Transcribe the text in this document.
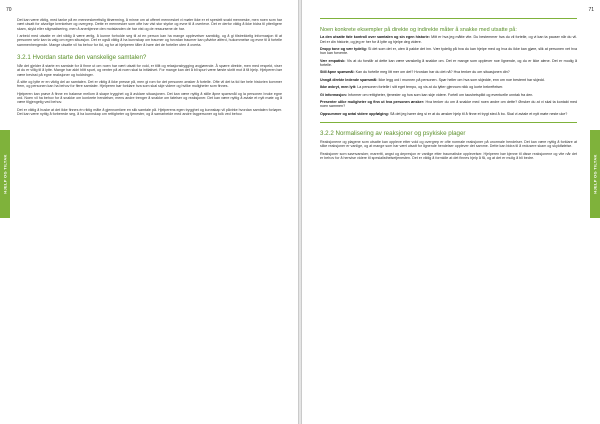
70
HJELP OG TILTAK

Det kan være viktig, med tanke på en menneskerettslig tilnærming, å minne om at offeret mennesket vi møter ikke er et spesielt svakt menneske, men noen som har vært utsatt for alvorlige krenkelser og overgrep. Dette er mennesker som ofte har vist stor styrke og evne til å overleve. Det er derfor viktig å ikke bidra til ytterligere skam, skyld eller stigmatisering, men å anerkjenne den motstanden de har vist og de ressursene de har.

I arbeid med utsatte er det viktig å være ærlig, å kunne forholde seg til at en person kan ha mange opplevelser samtidig, og å gi tilstrekkelig informasjon til at personen selv kan ta valg om egen situasjon. Det er også viktig å ha kunnskap om traumer og hvordan traumer kan påvirke atferd, hukommelse og evne til å fortelle sammenhengende. Mange utsatte vil ha behov for tid, og for at hjelperen tåler å høre det de forteller uten å overta.

3.2.1 Hvordan starte den vanskelige samtalen?

Når det gjelder å starte en samtale for å finne ut om noen har vært utsatt for vold, er tillit og relasjonsbygging avgjørende. Å spørre direkte, men med respekt, viser at du er villig til å lytte. Mange har aldri blitt spurt, og venter på at noen skal ta initiativet. For mange kan det å bli spurt være første skritt mot å få hjelp. Hjelperen bør være bevisst på egne reaksjoner og holdninger.

Å sitte og lytte er en viktig del av samtalen. Det er viktig å ikke presse på, men gi rom for det personen ønsker å fortelle. Ofte vil det ta tid før hele historien kommer frem, og personen kan ha behov for flere samtaler. Hjelperen bør forklare hva som skal skje videre og hvilke muligheter som finnes.

Hjelperen kan prøve å finne en balanse mellom å skape trygghet og å avklare situasjonen. Det kan være nyttig å stille åpne spørsmål og la personen bruke egne ord. Noen vil ha behov for å snakke om konkrete hendelser, mens andre trenger å snakke om følelser og reaksjoner. Det kan være nyttig å avtale et nytt møte og å være tilgjengelig ved behov.

Det er viktig å huske at det ikke finnes én riktig måte å gjennomføre en slik samtale på. Hjelperens egen trygghet og kunnskap vil påvirke hvordan samtalen forløper. Det kan være nyttig å forberede seg, å ha kunnskap om rettigheter og tjenester, og å samarbeide med andre fagpersoner og tolk ved behov.

71
HJELP OG TILTAK
Noen konkrete eksempler på direkte og indirekte måter å snakke med utsatte på:

La den utsatte føle kontroll over samtalen og sin egen historie: Mitt er hva jeg måtte vite. Du bestemmer hva du vil fortelle, og vi kan ta pauser når du vil. Det er din historie, og jeg er her for å lytte og hjelpe deg videre.

Dropp tone og vær tydelig: Si det som det er, uten å pakke det inn. Vær tydelig på hva du kan hjelpe med og hva du ikke kan gjøre, slik at personen vet hva hun kan forvente.

Vær empatisk: Vis at du forstår at dette kan være vanskelig å snakke om. Det er mange som opplever noe lignende, og du er ikke alene. Det er modig å fortelle.

Still åpne spørsmål: Kan du fortelle meg litt mer om det? Hvordan har du det nå? Hva tenker du om situasjonen din?

Unngå direkte ledende spørsmål: Ikke legg ord i munnen på personen. Spør heller om hva som skjedde, enn om noe bestemt har skjedd.

Ikke avbryt, men lytt: La personen fortelle i sitt eget tempo, og vis at du lytter gjennom nikk og korte bekreftelser.

Gi informasjon: Informer om rettigheter, tjenester og hva som kan skje videre. Fortell om taushetsplikt og eventuelle unntak fra den.

Presenter ulike muligheter og finn ut hva personen ønsker: Hva tenker du om å snakke med noen andre om dette? Ønsker du at vi skal ta kontakt med noen sammen?

Oppsummer og avtal videre oppfølging: Så det jeg hører deg si er at du ønsker hjelp til å finne et trygt sted å bo. Skal vi avtale et nytt møte neste uke?

3.2.2 Normalisering av reaksjoner og psykiske plager

Reaksjonene og plagene som utsatte kan oppleve etter vold og overgrep er ofte normale reaksjoner på unormale hendelser. Det kan være nyttig å forklare at slike reaksjoner er vanlige, og at mange som har vært utsatt for lignende hendelser opplever det samme. Dette kan bidra til å redusere skam og skyldfølelse.

Reaksjoner som søvnvansker, mareritt, angst og depresjon er vanlige etter traumatiske opplevelser. Hjelperen bør kjenne til disse reaksjonene og vite når det er behov for å henvise videre til spesialisthelsetjenesten. Det er viktig å formidle at det finnes hjelp å få, og at det er mulig å bli bedre.
